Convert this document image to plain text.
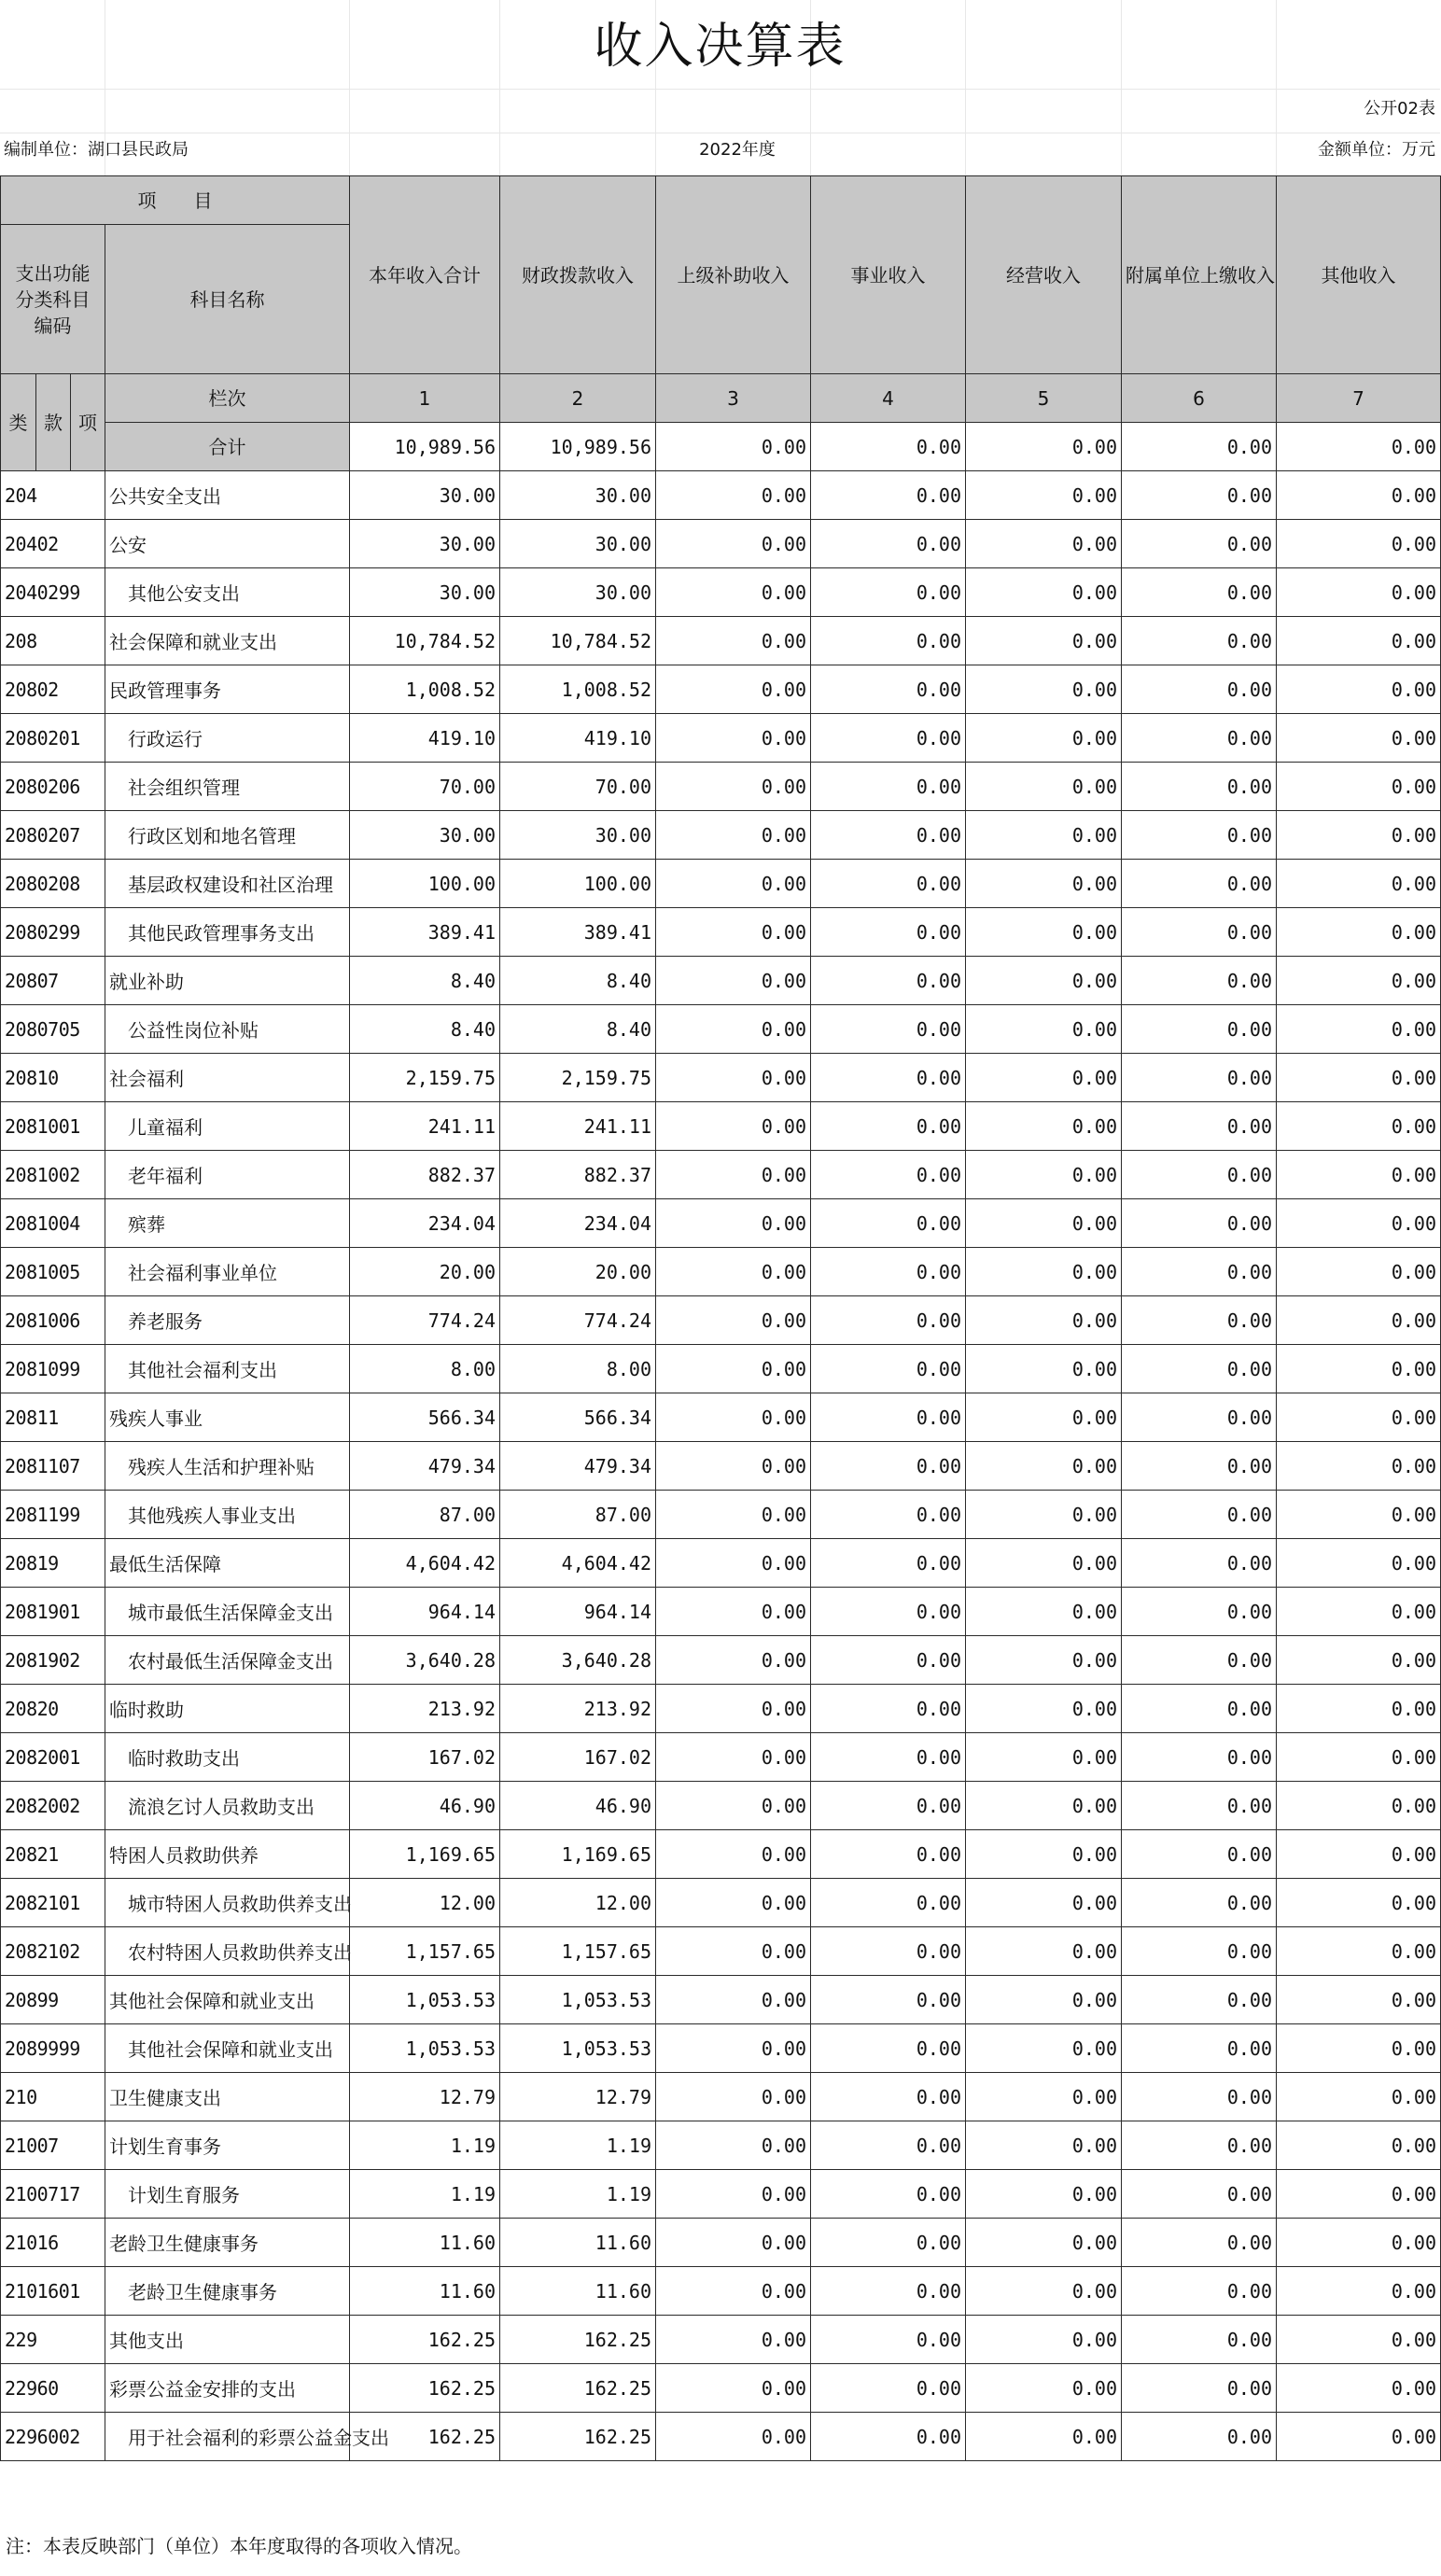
收入决算表
公开02表
编制单位：湖口县民政局	2022年度	金额单位：万元
项　　目				本年收入合计	财政拨款收入	上级补助收入	事业收入	经营收入	附属单位上缴收入	其他收入
支出功能分类科目编码			科目名称							
类	款	项	栏次	1	2	3	4	5	6	7
			合计	10,989.56	10,989.56	0.00	0.00	0.00	0.00	0.00
204			公共安全支出	30.00	30.00	0.00	0.00	0.00	0.00	0.00
20402			公安	30.00	30.00	0.00	0.00	0.00	0.00	0.00
2040299			其他公安支出	30.00	30.00	0.00	0.00	0.00	0.00	0.00
208			社会保障和就业支出	10,784.52	10,784.52	0.00	0.00	0.00	0.00	0.00
20802			民政管理事务	1,008.52	1,008.52	0.00	0.00	0.00	0.00	0.00
2080201			行政运行	419.10	419.10	0.00	0.00	0.00	0.00	0.00
2080206			社会组织管理	70.00	70.00	0.00	0.00	0.00	0.00	0.00
2080207			行政区划和地名管理	30.00	30.00	0.00	0.00	0.00	0.00	0.00
2080208			基层政权建设和社区治理	100.00	100.00	0.00	0.00	0.00	0.00	0.00
2080299			其他民政管理事务支出	389.41	389.41	0.00	0.00	0.00	0.00	0.00
20807			就业补助	8.40	8.40	0.00	0.00	0.00	0.00	0.00
2080705			公益性岗位补贴	8.40	8.40	0.00	0.00	0.00	0.00	0.00
20810			社会福利	2,159.75	2,159.75	0.00	0.00	0.00	0.00	0.00
2081001			儿童福利	241.11	241.11	0.00	0.00	0.00	0.00	0.00
2081002			老年福利	882.37	882.37	0.00	0.00	0.00	0.00	0.00
2081004			殡葬	234.04	234.04	0.00	0.00	0.00	0.00	0.00
2081005			社会福利事业单位	20.00	20.00	0.00	0.00	0.00	0.00	0.00
2081006			养老服务	774.24	774.24	0.00	0.00	0.00	0.00	0.00
2081099			其他社会福利支出	8.00	8.00	0.00	0.00	0.00	0.00	0.00
20811			残疾人事业	566.34	566.34	0.00	0.00	0.00	0.00	0.00
2081107			残疾人生活和护理补贴	479.34	479.34	0.00	0.00	0.00	0.00	0.00
2081199			其他残疾人事业支出	87.00	87.00	0.00	0.00	0.00	0.00	0.00
20819			最低生活保障	4,604.42	4,604.42	0.00	0.00	0.00	0.00	0.00
2081901			城市最低生活保障金支出	964.14	964.14	0.00	0.00	0.00	0.00	0.00
2081902			农村最低生活保障金支出	3,640.28	3,640.28	0.00	0.00	0.00	0.00	0.00
20820			临时救助	213.92	213.92	0.00	0.00	0.00	0.00	0.00
2082001			临时救助支出	167.02	167.02	0.00	0.00	0.00	0.00	0.00
2082002			流浪乞讨人员救助支出	46.90	46.90	0.00	0.00	0.00	0.00	0.00
20821			特困人员救助供养	1,169.65	1,169.65	0.00	0.00	0.00	0.00	0.00
2082101			城市特困人员救助供养支出	12.00	12.00	0.00	0.00	0.00	0.00	0.00
2082102			农村特困人员救助供养支出	1,157.65	1,157.65	0.00	0.00	0.00	0.00	0.00
20899			其他社会保障和就业支出	1,053.53	1,053.53	0.00	0.00	0.00	0.00	0.00
2089999			其他社会保障和就业支出	1,053.53	1,053.53	0.00	0.00	0.00	0.00	0.00
210			卫生健康支出	12.79	12.79	0.00	0.00	0.00	0.00	0.00
21007			计划生育事务	1.19	1.19	0.00	0.00	0.00	0.00	0.00
2100717			计划生育服务	1.19	1.19	0.00	0.00	0.00	0.00	0.00
21016			老龄卫生健康事务	11.60	11.60	0.00	0.00	0.00	0.00	0.00
2101601			老龄卫生健康事务	11.60	11.60	0.00	0.00	0.00	0.00	0.00
229			其他支出	162.25	162.25	0.00	0.00	0.00	0.00	0.00
22960			彩票公益金安排的支出	162.25	162.25	0.00	0.00	0.00	0.00	0.00
2296002			用于社会福利的彩票公益金支出	162.25	162.25	0.00	0.00	0.00	0.00	0.00
注：本表反映部门（单位）本年度取得的各项收入情况。
